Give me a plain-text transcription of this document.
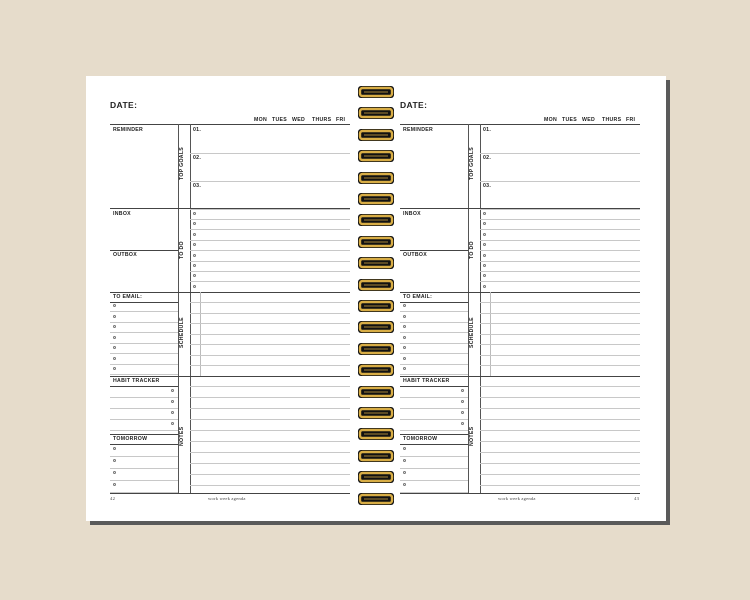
DATE:
MON TUES WED THURS FRI
REMINDER
INBOX
OUTBOX
TO EMAIL:
HABIT TRACKER
TOMORROW
TOP GOALS
TO DO
SCHEDULE
NOTES
01.
02.
03.
work week agenda
42
DATE:
MON TUES WED THURS FRI
REMINDER
INBOX
OUTBOX
TO EMAIL:
HABIT TRACKER
TOMORROW
TOP GOALS
TO DO
SCHEDULE
NOTES
01.
02.
03.
work week agenda	43
